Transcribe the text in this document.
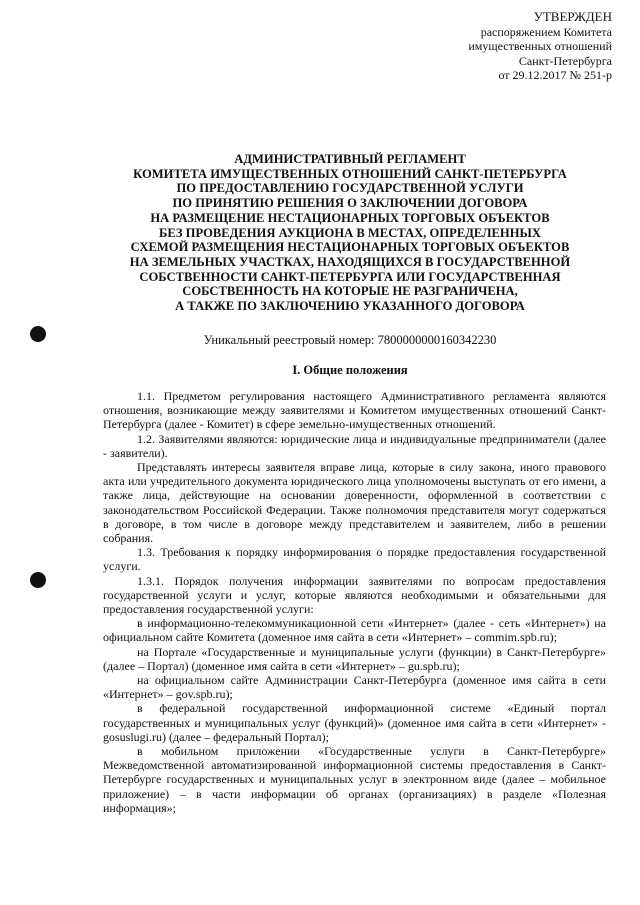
УТВЕРЖДЕН
распоряжением Комитета
имущественных отношений
Санкт-Петербурга
от 29.12.2017 № 251-р
АДМИНИСТРАТИВНЫЙ РЕГЛАМЕНТ
КОМИТЕТА ИМУЩЕСТВЕННЫХ ОТНОШЕНИЙ САНКТ-ПЕТЕРБУРГА
ПО ПРЕДОСТАВЛЕНИЮ ГОСУДАРСТВЕННОЙ УСЛУГИ
ПО ПРИНЯТИЮ РЕШЕНИЯ О ЗАКЛЮЧЕНИИ ДОГОВОРА
НА РАЗМЕЩЕНИЕ НЕСТАЦИОНАРНЫХ ТОРГОВЫХ ОБЪЕКТОВ
БЕЗ ПРОВЕДЕНИЯ АУКЦИОНА В МЕСТАХ, ОПРЕДЕЛЕННЫХ
СХЕМОЙ РАЗМЕЩЕНИЯ НЕСТАЦИОНАРНЫХ ТОРГОВЫХ ОБЪЕКТОВ
НА ЗЕМЕЛЬНЫХ УЧАСТКАХ, НАХОДЯЩИХСЯ В ГОСУДАРСТВЕННОЙ
СОБСТВЕННОСТИ САНКТ-ПЕТЕРБУРГА ИЛИ ГОСУДАРСТВЕННАЯ
СОБСТВЕННОСТЬ НА КОТОРЫЕ НЕ РАЗГРАНИЧЕНА,
А ТАКЖЕ ПО ЗАКЛЮЧЕНИЮ УКАЗАННОГО ДОГОВОРА
Уникальный реестровый номер: 7800000000160342230
I. Общие положения

1.1. Предметом регулирования настоящего Административного регламента являются отношения, возникающие между заявителями и Комитетом имущественных отношений Санкт-Петербурга (далее - Комитет) в сфере земельно-имущественных отношений.

1.2. Заявителями являются: юридические лица и индивидуальные предприниматели (далее - заявители).

Представлять интересы заявителя вправе лица, которые в силу закона, иного правового акта или учредительного документа юридического лица уполномочены выступать от его имени, а также лица, действующие на основании доверенности, оформленной в соответствии с законодательством Российской Федерации. Также полномочия представителя могут содержаться в договоре, в том числе в договоре между представителем и заявителем, либо в решении собрания.

1.3. Требования к порядку информирования о порядке предоставления государственной услуги.

1.3.1. Порядок получения информации заявителями по вопросам предоставления государственной услуги и услуг, которые являются необходимыми и обязательными для предоставления государственной услуги:

в информационно-телекоммуникационной сети «Интернет» (далее - сеть «Интернет») на официальном сайте Комитета (доменное имя сайта в сети «Интернет» – commim.spb.ru);

на Портале «Государственные и муниципальные услуги (функции) в Санкт-Петербурге» (далее – Портал) (доменное имя сайта в сети «Интернет» – gu.spb.ru);

на официальном сайте Администрации Санкт-Петербурга (доменное имя сайта в сети «Интернет» – gov.spb.ru);

в федеральной государственной информационной системе «Единый портал государственных и муниципальных услуг (функций)» (доменное имя сайта в сети «Интернет» - gosuslugi.ru) (далее – федеральный Портал);

в мобильном приложении «Государственные услуги в Санкт-Петербурге» Межведомственной автоматизированной информационной системы предоставления в Санкт-Петербурге государственных и муниципальных услуг в электронном виде (далее – мобильное приложение) – в части информации об органах (организациях) в разделе «Полезная информация»;
